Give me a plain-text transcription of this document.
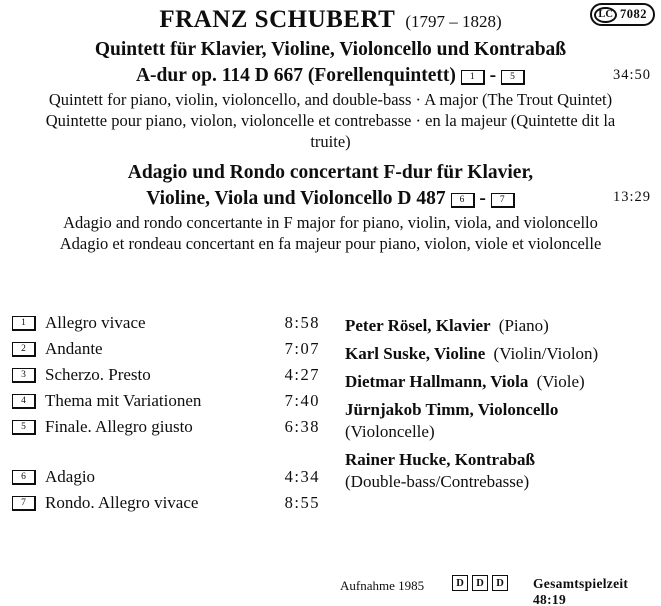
LC 7082
FRANZ SCHUBERT (1797 – 1828)
Quintett für Klavier, Violine, Violoncello und Kontrabaß
A-dur op. 114 D 667 (Forellenquintett) 1 - 5
Quintett for piano, violin, violoncello, and double-bass · A major (The Trout Quintet)
Quintette pour piano, violon, violoncelle et contrebasse · en la majeur (Quintette dit la
truite)
Adagio und Rondo concertant F-dur für Klavier,
Violine, Viola und Violoncello D 487 6 - 7
Adagio and rondo concertante in F major for piano, violin, viola, and violoncello
Adagio et rondeau concertant en fa majeur pour piano, violon, viole et violoncelle
34:50
13:29
1	Allegro vivace	8:58
2	Andante	7:07
3	Scherzo. Presto	4:27
4	Thema mit Variationen	7:40
5	Finale. Allegro giusto	6:38
6	Adagio	4:34
7	Rondo. Allegro vivace	8:55
Peter Rösel, Klavier (Piano)
Karl Suske, Violine (Violin/Violon)
Dietmar Hallmann, Viola (Viole)
Jürnjakob Timm, Violoncello
(Violoncelle)
Rainer Hucke, Kontrabaß
(Double-bass/Contrebasse)
Aufnahme 1985	D	D	D	Gesamtspielzeit 48:19
